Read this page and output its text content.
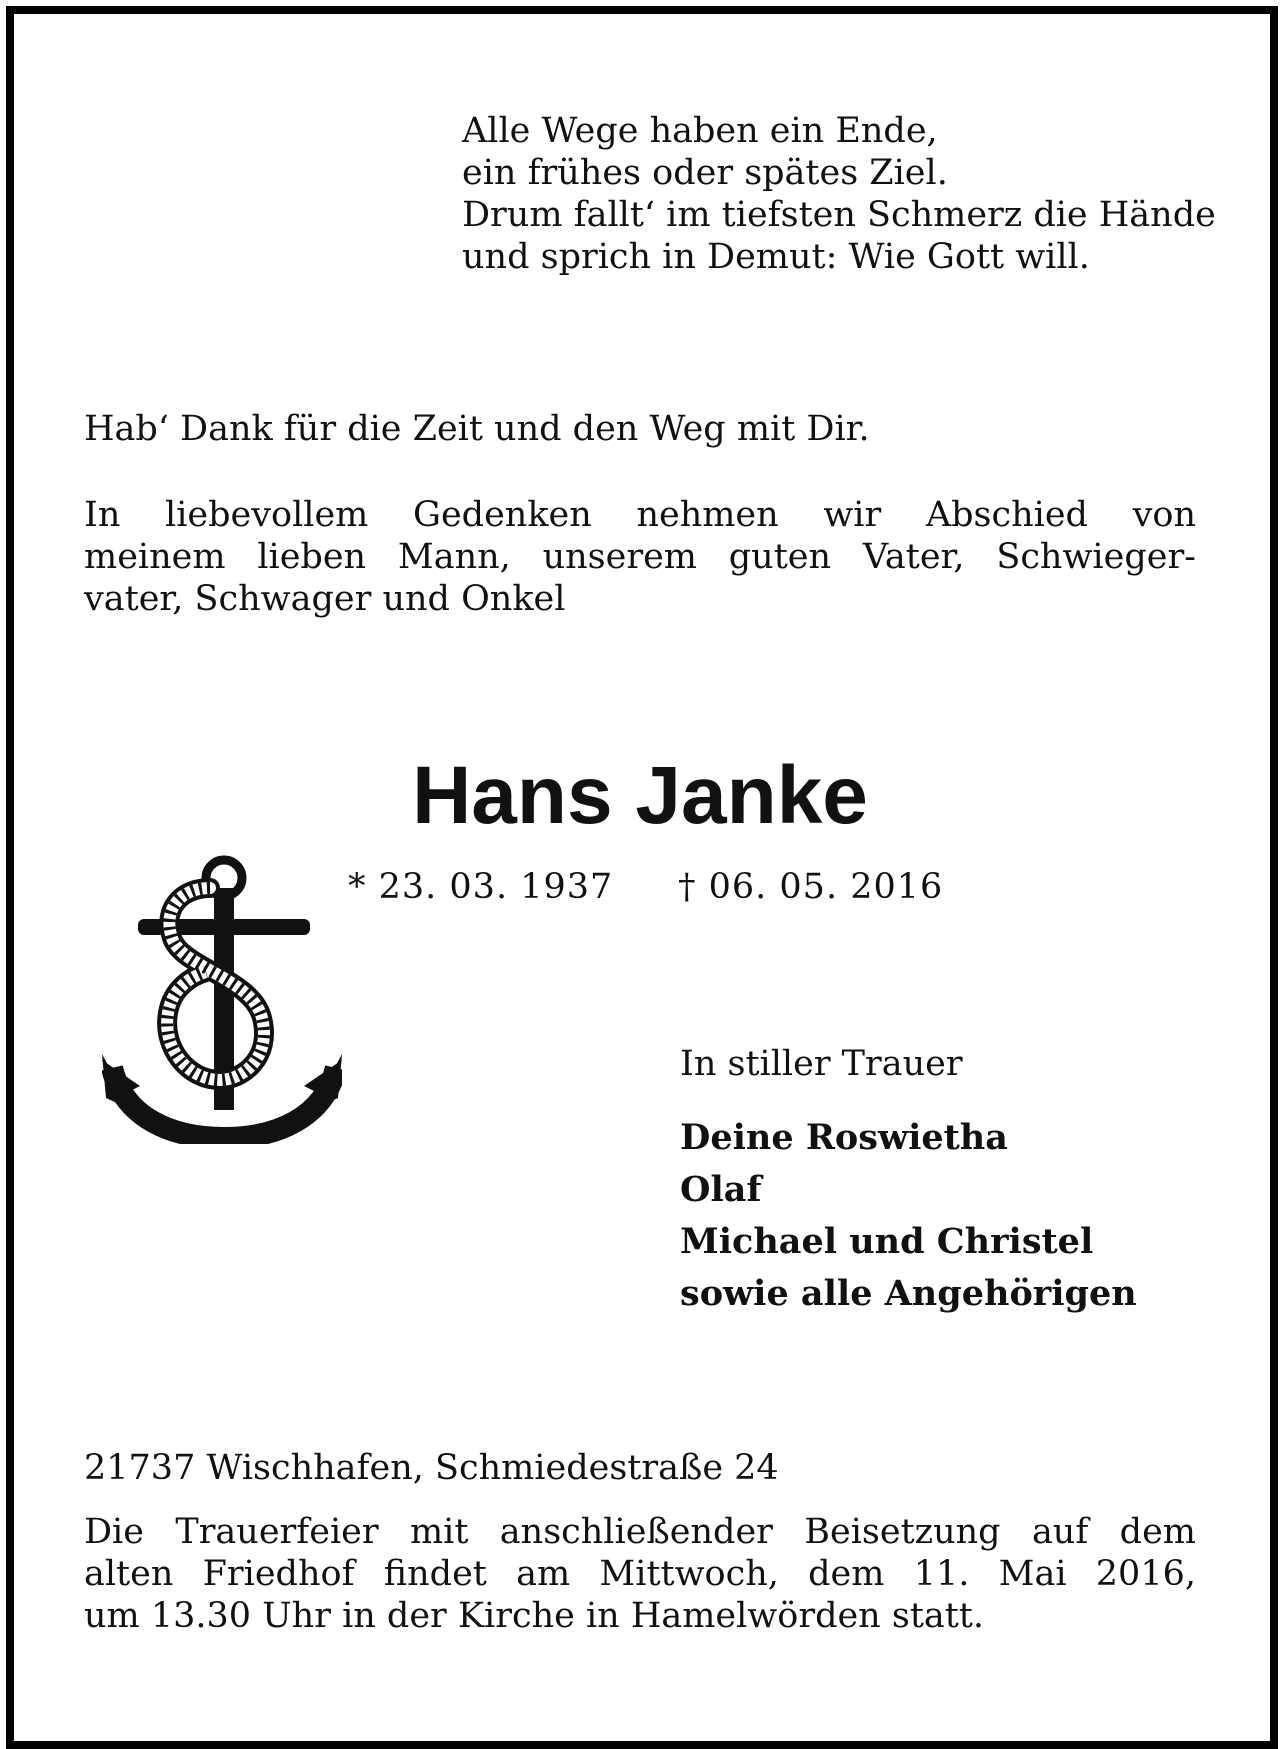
Alle Wege haben ein Ende,
ein frühes oder spätes Ziel.
Drum fallt‘ im tiefsten Schmerz die Hände
und sprich in Demut: Wie Gott will.
Hab‘ Dank für die Zeit und den Weg mit Dir.
In liebevollem Gedenken nehmen wir Abschied von
meinem lieben Mann, unserem guten Vater, Schwieger-
vater, Schwager und Onkel
Hans Janke
* 23. 03. 1937 † 06. 05. 2016
In stiller Trauer
Deine Roswietha
Olaf
Michael und Christel
sowie alle Angehörigen
21737 Wischhafen, Schmiedestraße 24
Die Trauerfeier mit anschließender Beisetzung auf dem
alten Friedhof findet am Mittwoch, dem 11. Mai 2016,
um 13.30 Uhr in der Kirche in Hamelwörden statt.
